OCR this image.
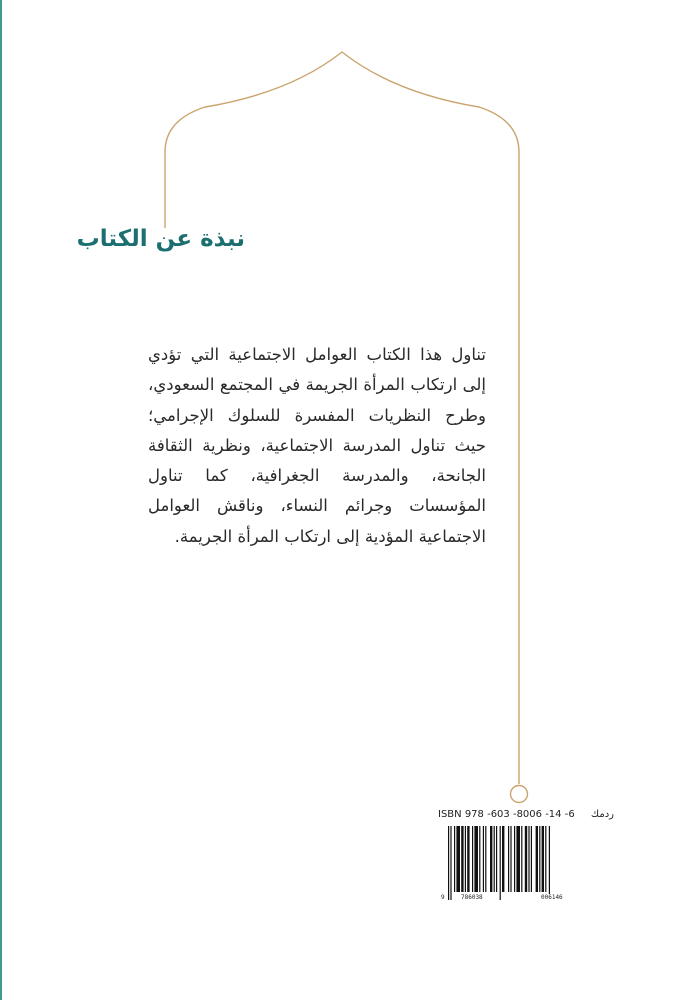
نبذة عن الكتاب
تناول هذا الكتاب العوامل الاجتماعية التي تؤدي إلى ارتكاب المرأة الجريمة في المجتمع السعودي، وطرح النظريات المفسرة للسلوك الإجرامي؛ حيث تناول المدرسة الاجتماعية، ونظرية الثقافة الجانحة، والمدرسة الجغرافية، كما تناول المؤسسات وجرائم النساء، وناقش العوامل الاجتماعية المؤدية إلى ارتكاب المرأة الجريمة.
ISBN 978 -603 -8006 -14 -6 ردمك
9	786038	006146
